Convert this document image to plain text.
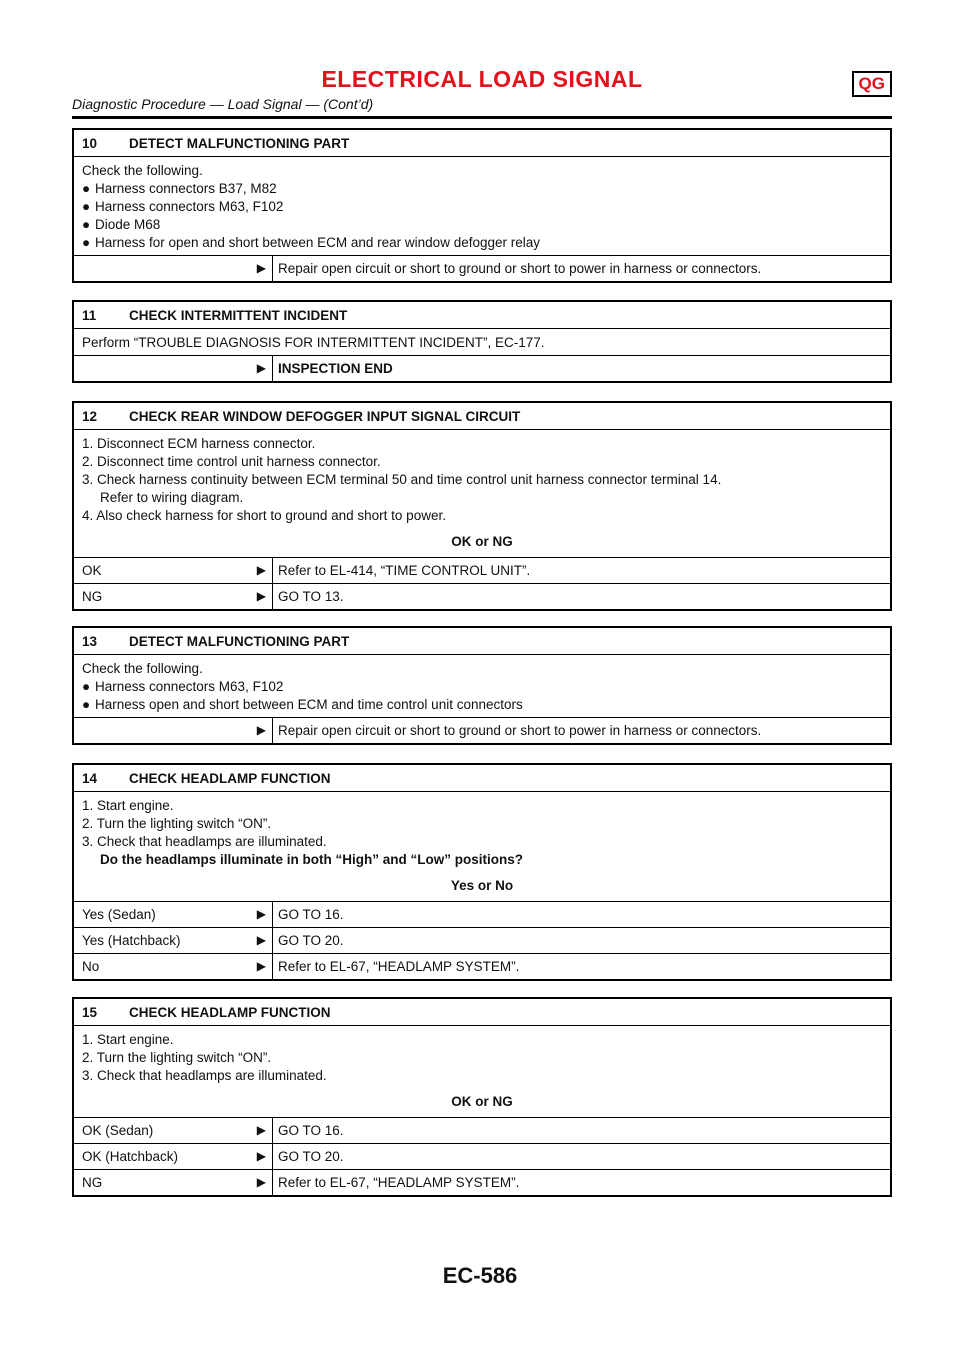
ELECTRICAL LOAD SIGNAL	QG
Diagnostic Procedure — Load Signal — (Cont’d)
10 DETECT MALFUNCTIONING PART
Check the following.
● Harness connectors B37, M82
● Harness connectors M63, F102
● Diode M68
● Harness for open and short between ECM and rear window defogger relay
▶ Repair open circuit or short to ground or short to power in harness or connectors.
11 CHECK INTERMITTENT INCIDENT
Perform “TROUBLE DIAGNOSIS FOR INTERMITTENT INCIDENT”, EC-177.
▶ INSPECTION END
12 CHECK REAR WINDOW DEFOGGER INPUT SIGNAL CIRCUIT
1. Disconnect ECM harness connector.
2. Disconnect time control unit harness connector.
3. Check harness continuity between ECM terminal 50 and time control unit harness connector terminal 14.
Refer to wiring diagram.
4. Also check harness for short to ground and short to power.
OK or NG
OK	▶ Refer to EL-414, “TIME CONTROL UNIT”.
NG	▶ GO TO 13.
13 DETECT MALFUNCTIONING PART
Check the following.
● Harness connectors M63, F102
● Harness open and short between ECM and time control unit connectors
▶ Repair open circuit or short to ground or short to power in harness or connectors.
14 CHECK HEADLAMP FUNCTION
1. Start engine.
2. Turn the lighting switch “ON”.
3. Check that headlamps are illuminated.
Do the headlamps illuminate in both “High” and “Low” positions?
Yes or No
Yes (Sedan)	▶ GO TO 16.
Yes (Hatchback)	▶ GO TO 20.
No	▶ Refer to EL-67, “HEADLAMP SYSTEM”.
15 CHECK HEADLAMP FUNCTION
1. Start engine.
2. Turn the lighting switch “ON”.
3. Check that headlamps are illuminated.
OK or NG
OK (Sedan)	▶ GO TO 16.
OK (Hatchback)	▶ GO TO 20.
NG	▶ Refer to EL-67, “HEADLAMP SYSTEM”.
EC-586
